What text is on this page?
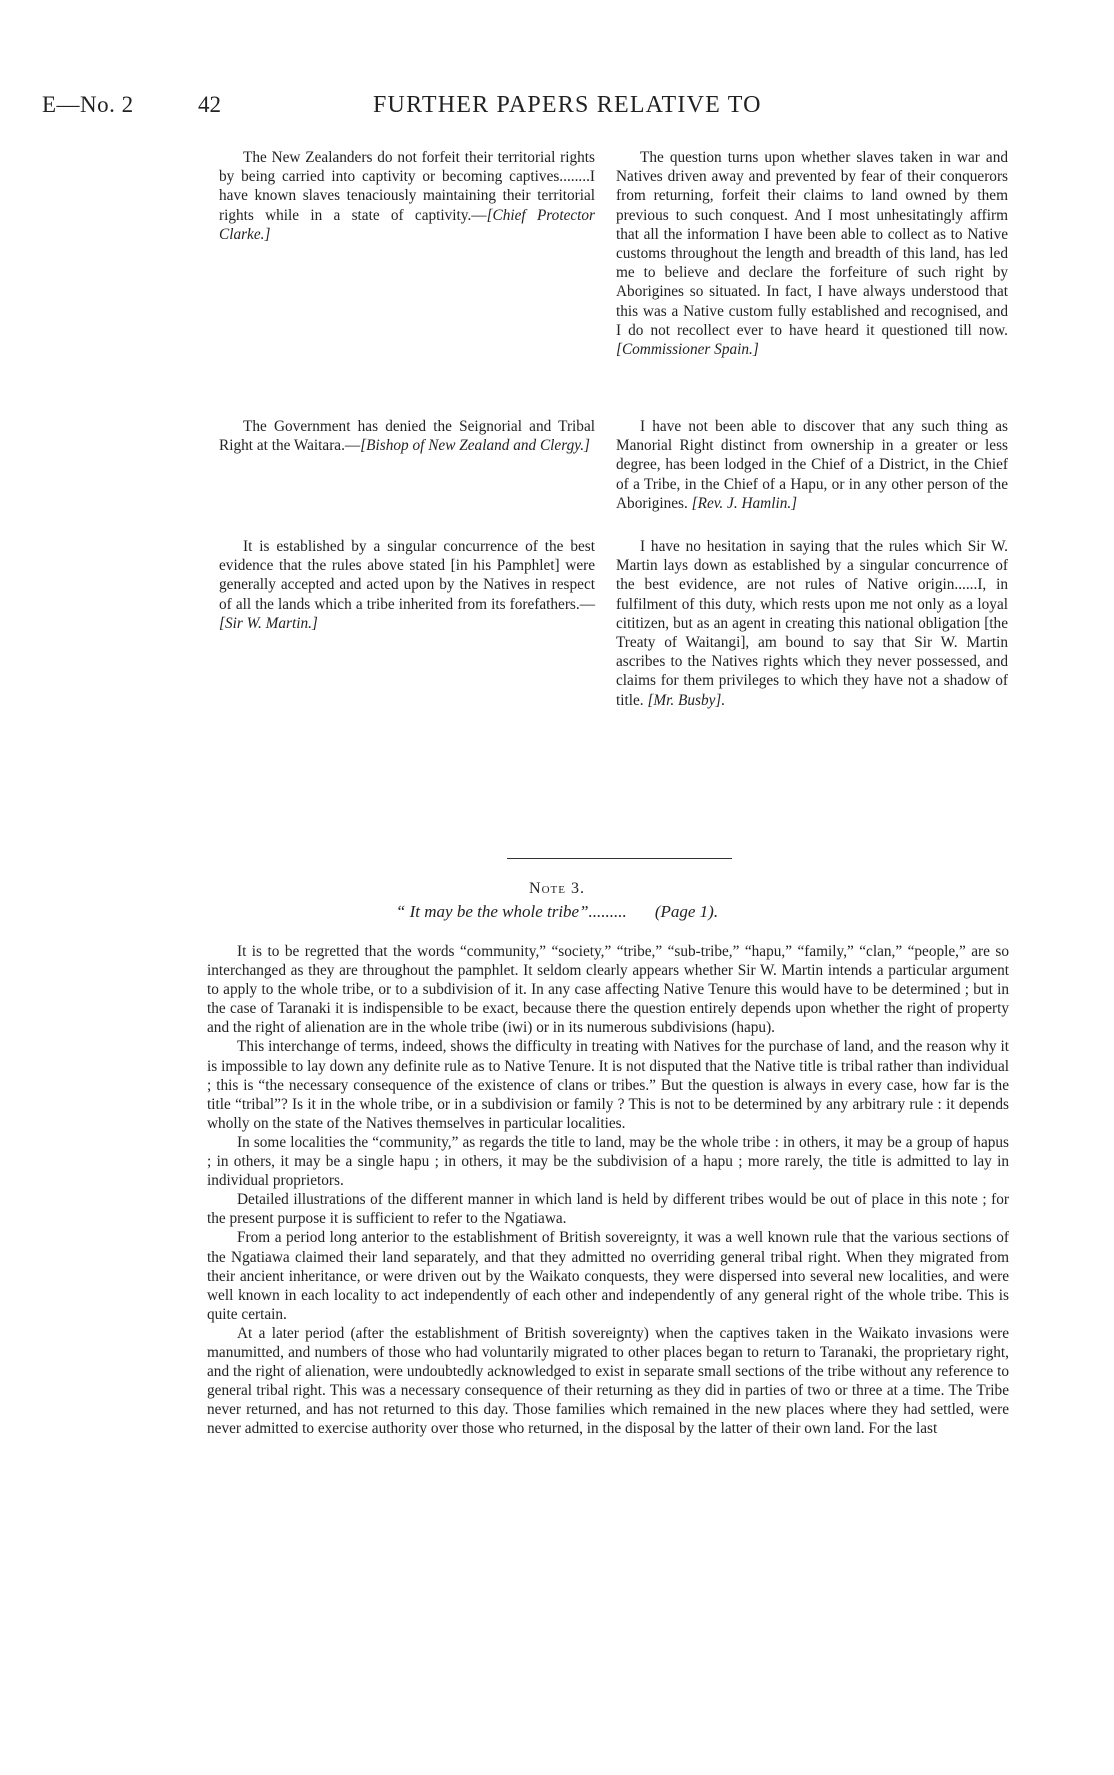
E—No. 2	42	FURTHER PAPERS RELATIVE TO

The New Zealanders do not forfeit their territorial rights by being carried into captivity or becoming captives........I have known slaves tenaciously maintaining their territorial rights while in a state of captivity.—[Chief Protector Clarke.]

The question turns upon whether slaves taken in war and Natives driven away and prevented by fear of their conquerors from returning, forfeit their claims to land owned by them previous to such conquest. And I most unhesitatingly affirm that all the information I have been able to collect as to Native customs throughout the length and breadth of this land, has led me to believe and declare the forfeiture of such right by Aborigines so situated. In fact, I have always understood that this was a Native custom fully established and recognised, and I do not recollect ever to have heard it questioned till now. [Commissioner Spain.]

The Government has denied the Seignorial and Tribal Right at the Waitara.—[Bishop of New Zealand and Clergy.]

I have not been able to discover that any such thing as Manorial Right distinct from ownership in a greater or less degree, has been lodged in the Chief of a District, in the Chief of a Tribe, in the Chief of a Hapu, or in any other person of the Aborigines. [Rev. J. Hamlin.]

It is established by a singular concurrence of the best evidence that the rules above stated [in his Pamphlet] were generally accepted and acted upon by the Natives in respect of all the lands which a tribe inherited from its forefathers.—[Sir W. Martin.]

I have no hesitation in saying that the rules which Sir W. Martin lays down as established by a singular concurrence of the best evidence, are not rules of Native origin......I, in fulfilment of this duty, which rests upon me not only as a loyal cititizen, but as an agent in creating this national obligation [the Treaty of Waitangi], am bound to say that Sir W. Martin ascribes to the Natives rights which they never possessed, and claims for them privileges to which they have not a shadow of title. [Mr. Busby].

Note 3.
“ It may be the whole tribe”......... (Page 1).

It is to be regretted that the words “community,” “society,” “tribe,” “sub-tribe,” “hapu,” “family,” “clan,” “people,” are so interchanged as they are throughout the pamphlet. It seldom clearly appears whether Sir W. Martin intends a particular argument to apply to the whole tribe, or to a subdivision of it. In any case affecting Native Tenure this would have to be determined ; but in the case of Taranaki it is indispensible to be exact, because there the question entirely depends upon whether the right of property and the right of alienation are in the whole tribe (iwi) or in its numerous subdivisions (hapu).

This interchange of terms, indeed, shows the difficulty in treating with Natives for the purchase of land, and the reason why it is impossible to lay down any definite rule as to Native Tenure. It is not disputed that the Native title is tribal rather than individual ; this is “the necessary consequence of the existence of clans or tribes.” But the question is always in every case, how far is the title “tribal”? Is it in the whole tribe, or in a subdivision or family ? This is not to be determined by any arbitrary rule : it depends wholly on the state of the Natives themselves in particular localities.

In some localities the “community,” as regards the title to land, may be the whole tribe : in others, it may be a group of hapus ; in others, it may be a single hapu ; in others, it may be the subdivision of a hapu ; more rarely, the title is admitted to lay in individual proprietors.

Detailed illustrations of the different manner in which land is held by different tribes would be out of place in this note ; for the present purpose it is sufficient to refer to the Ngatiawa.

From a period long anterior to the establishment of British sovereignty, it was a well known rule that the various sections of the Ngatiawa claimed their land separately, and that they admitted no overriding general tribal right. When they migrated from their ancient inheritance, or were driven out by the Waikato conquests, they were dispersed into several new localities, and were well known in each locality to act independently of each other and independently of any general right of the whole tribe. This is quite certain.

At a later period (after the establishment of British sovereignty) when the captives taken in the Waikato invasions were manumitted, and numbers of those who had voluntarily migrated to other places began to return to Taranaki, the proprietary right, and the right of alienation, were undoubtedly acknowledged to exist in separate small sections of the tribe without any reference to general tribal right. This was a necessary consequence of their returning as they did in parties of two or three at a time. The Tribe never returned, and has not returned to this day. Those families which remained in the new places where they had settled, were never admitted to exercise authority over those who returned, in the disposal by the latter of their own land. For the last
